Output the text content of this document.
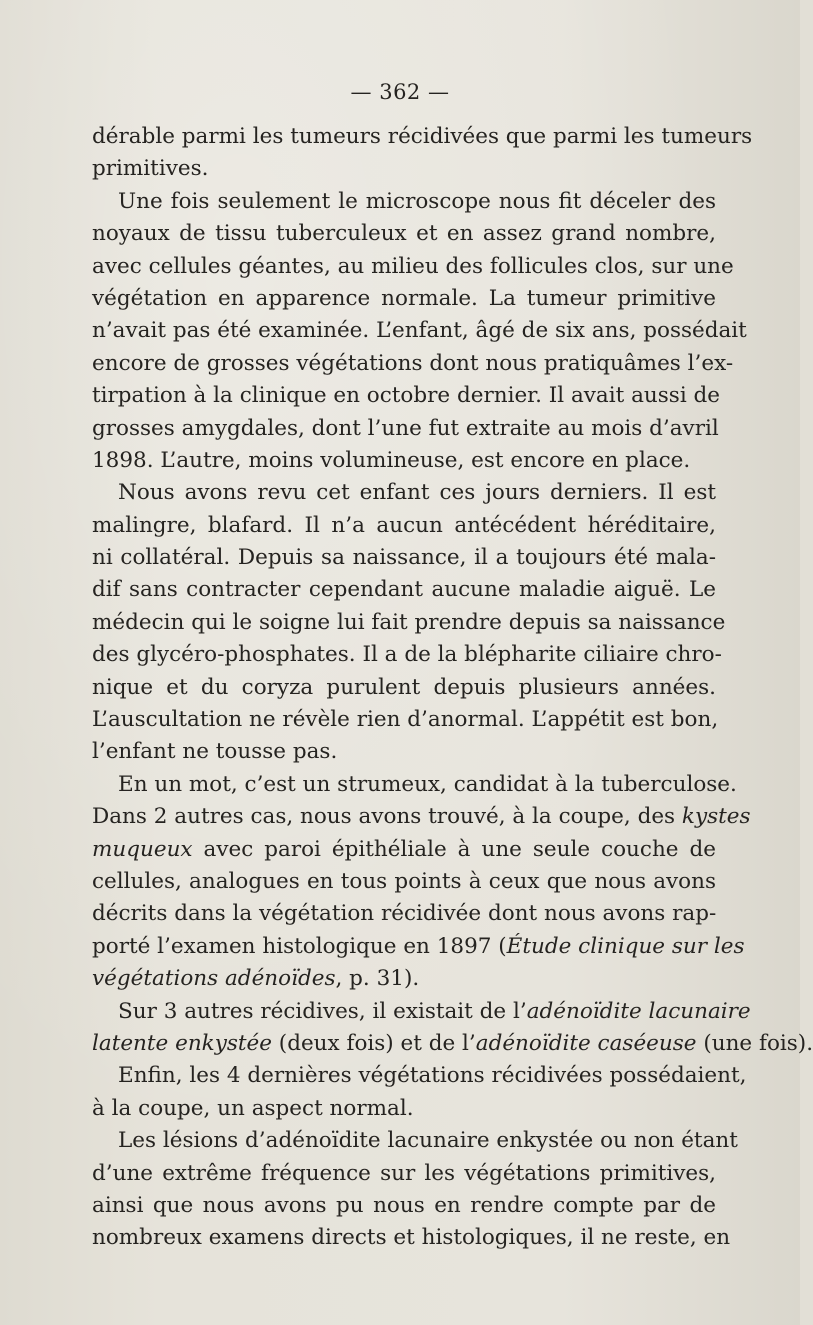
— 362 —
dérable parmi les tumeurs récidivées que parmi les tumeurs
primitives.
Une fois seulement le microscope nous fit déceler des
noyaux de tissu tuberculeux et en assez grand nombre,
avec cellules géantes, au milieu des follicules clos, sur une
végétation en apparence normale. La tumeur primitive
n’avait pas été examinée. L’enfant, âgé de six ans, possédait
encore de grosses végétations dont nous pratiquâmes l’ex-
tirpation à la clinique en octobre dernier. Il avait aussi de
grosses amygdales, dont l’une fut extraite au mois d’avril
1898. L’autre, moins volumineuse, est encore en place.
Nous avons revu cet enfant ces jours derniers. Il est
malingre, blafard. Il n’a aucun antécédent héréditaire,
ni collatéral. Depuis sa naissance, il a toujours été mala-
dif sans contracter cependant aucune maladie aiguë. Le
médecin qui le soigne lui fait prendre depuis sa naissance
des glycéro-phosphates. Il a de la blépharite ciliaire chro-
nique et du coryza purulent depuis plusieurs années.
L’auscultation ne révèle rien d’anormal. L’appétit est bon,
l’enfant ne tousse pas.
En un mot, c’est un strumeux, candidat à la tuberculose.
Dans 2 autres cas, nous avons trouvé, à la coupe, des kystes
muqueux avec paroi épithéliale à une seule couche de
cellules, analogues en tous points à ceux que nous avons
décrits dans la végétation récidivée dont nous avons rap-
porté l’examen histologique en 1897 (Étude clinique sur les
végétations adénoïdes, p. 31).
Sur 3 autres récidives, il existait de l’adénoïdite lacunaire
latente enkystée (deux fois) et de l’adénoïdite caséeuse (une fois).
Enfin, les 4 dernières végétations récidivées possédaient,
à la coupe, un aspect normal.
Les lésions d’adénoïdite lacunaire enkystée ou non étant
d’une extrême fréquence sur les végétations primitives,
ainsi que nous avons pu nous en rendre compte par de
nombreux examens directs et histologiques, il ne reste, en
